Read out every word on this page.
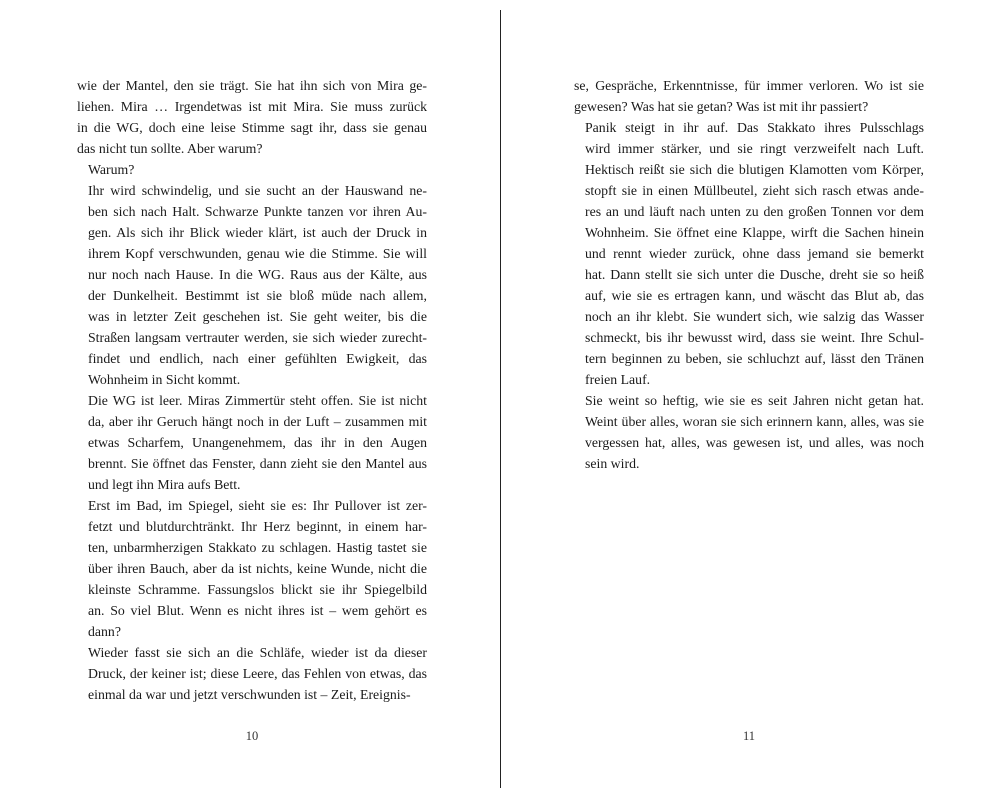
wie der Mantel, den sie trägt. Sie hat ihn sich von Mira ge-
liehen. Mira … Irgendetwas ist mit Mira. Sie muss zurück
in die WG, doch eine leise Stimme sagt ihr, dass sie genau
das nicht tun sollte. Aber warum?

Warum?

Ihr wird schwindelig, und sie sucht an der Hauswand ne-
ben sich nach Halt. Schwarze Punkte tanzen vor ihren Au-
gen. Als sich ihr Blick wieder klärt, ist auch der Druck in
ihrem Kopf verschwunden, genau wie die Stimme. Sie will
nur noch nach Hause. In die WG. Raus aus der Kälte, aus
der Dunkelheit. Bestimmt ist sie bloß müde nach allem,
was in letzter Zeit geschehen ist. Sie geht weiter, bis die
Straßen langsam vertrauter werden, sie sich wieder zurecht-
findet und endlich, nach einer gefühlten Ewigkeit, das
Wohnheim in Sicht kommt.

Die WG ist leer. Miras Zimmertür steht offen. Sie ist nicht
da, aber ihr Geruch hängt noch in der Luft – zusammen mit
etwas Scharfem, Unangenehmem, das ihr in den Augen
brennt. Sie öffnet das Fenster, dann zieht sie den Mantel aus
und legt ihn Mira aufs Bett.

Erst im Bad, im Spiegel, sieht sie es: Ihr Pullover ist zer-
fetzt und blutdurchtränkt. Ihr Herz beginnt, in einem har-
ten, unbarmherzigen Stakkato zu schlagen. Hastig tastet sie
über ihren Bauch, aber da ist nichts, keine Wunde, nicht die
kleinste Schramme. Fassungslos blickt sie ihr Spiegelbild
an. So viel Blut. Wenn es nicht ihres ist – wem gehört es
dann?

Wieder fasst sie sich an die Schläfe, wieder ist da dieser
Druck, der keiner ist; diese Leere, das Fehlen von etwas, das
einmal da war und jetzt verschwunden ist – Zeit, Ereignis-

se, Gespräche, Erkenntnisse, für immer verloren. Wo ist sie
gewesen? Was hat sie getan? Was ist mit ihr passiert?

Panik steigt in ihr auf. Das Stakkato ihres Pulsschlags
wird immer stärker, und sie ringt verzweifelt nach Luft.
Hektisch reißt sie sich die blutigen Klamotten vom Körper,
stopft sie in einen Müllbeutel, zieht sich rasch etwas ande-
res an und läuft nach unten zu den großen Tonnen vor dem
Wohnheim. Sie öffnet eine Klappe, wirft die Sachen hinein
und rennt wieder zurück, ohne dass jemand sie bemerkt
hat. Dann stellt sie sich unter die Dusche, dreht sie so heiß
auf, wie sie es ertragen kann, und wäscht das Blut ab, das
noch an ihr klebt. Sie wundert sich, wie salzig das Wasser
schmeckt, bis ihr bewusst wird, dass sie weint. Ihre Schul-
tern beginnen zu beben, sie schluchzt auf, lässt den Tränen
freien Lauf.

Sie weint so heftig, wie sie es seit Jahren nicht getan hat.
Weint über alles, woran sie sich erinnern kann, alles, was sie
vergessen hat, alles, was gewesen ist, und alles, was noch
sein wird.

10	11
